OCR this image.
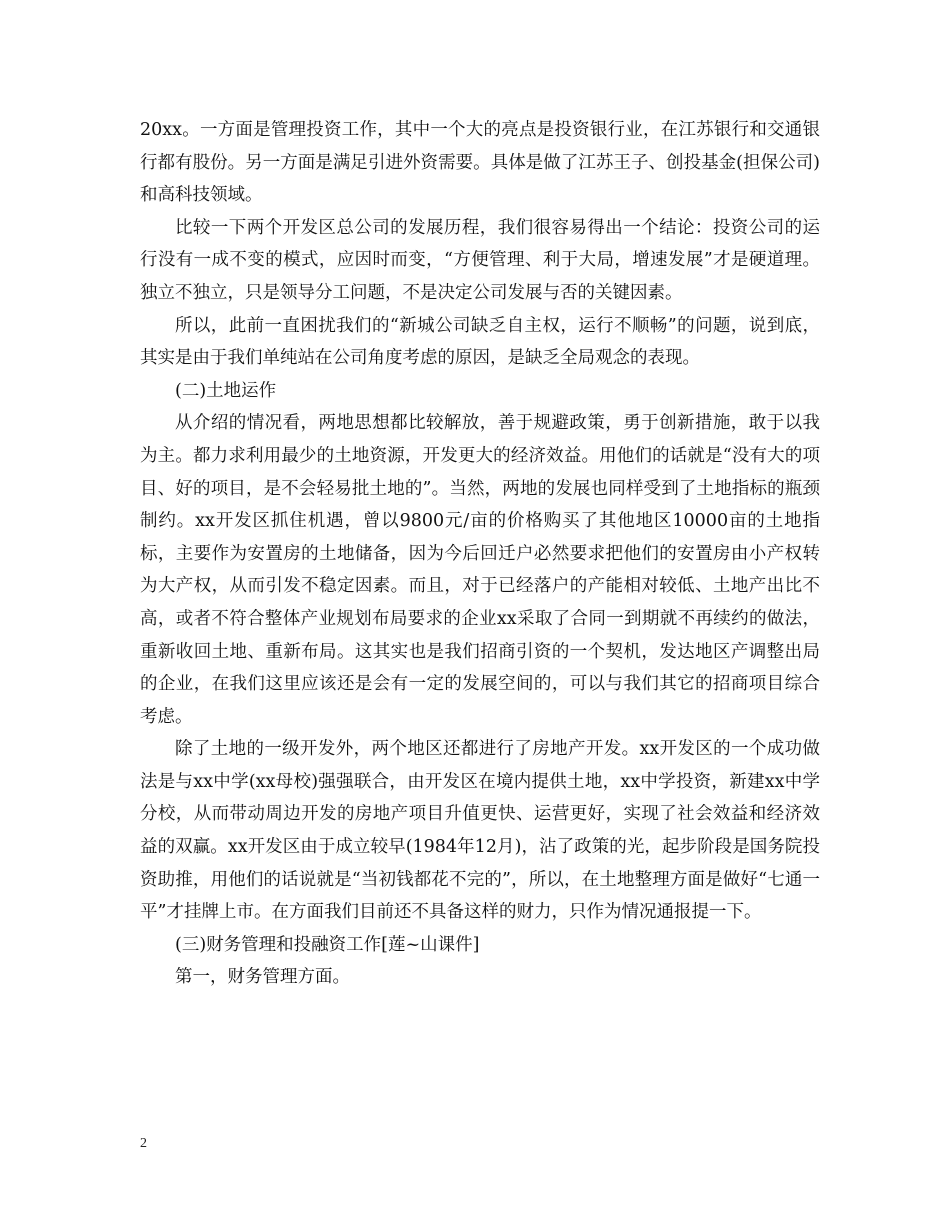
20xx。一方面是管理投资工作，其中一个大的亮点是投资银行业，在江苏银行和交通银行都有股份。另一方面是满足引进外资需要。具体是做了江苏王子、创投基金(担保公司)和高科技领域。

比较一下两个开发区总公司的发展历程，我们很容易得出一个结论：投资公司的运行没有一成不变的模式，应因时而变，“方便管理、利于大局，增速发展”才是硬道理。独立不独立，只是领导分工问题，不是决定公司发展与否的关键因素。

所以，此前一直困扰我们的“新城公司缺乏自主权，运行不顺畅”的问题，说到底，其实是由于我们单纯站在公司角度考虑的原因，是缺乏全局观念的表现。

(二)土地运作

从介绍的情况看，两地思想都比较解放，善于规避政策，勇于创新措施，敢于以我为主。都力求利用最少的土地资源，开发更大的经济效益。用他们的话就是“没有大的项目、好的项目，是不会轻易批土地的”。当然，两地的发展也同样受到了土地指标的瓶颈制约。xx开发区抓住机遇，曾以9800元/亩的价格购买了其他地区10000亩的土地指标，主要作为安置房的土地储备，因为今后回迁户必然要求把他们的安置房由小产权转为大产权，从而引发不稳定因素。而且，对于已经落户的产能相对较低、土地产出比不高，或者不符合整体产业规划布局要求的企业xx采取了合同一到期就不再续约的做法，重新收回土地、重新布局。这其实也是我们招商引资的一个契机，发达地区产调整出局的企业，在我们这里应该还是会有一定的发展空间的，可以与我们其它的招商项目综合考虑。

除了土地的一级开发外，两个地区还都进行了房地产开发。xx开发区的一个成功做法是与xx中学(xx母校)强强联合，由开发区在境内提供土地，xx中学投资，新建xx中学分校，从而带动周边开发的房地产项目升值更快、运营更好，实现了社会效益和经济效益的双赢。xx开发区由于成立较早(1984年12月)，沾了政策的光，起步阶段是国务院投资助推，用他们的话说就是“当初钱都花不完的”，所以，在土地整理方面是做好“七通一平”才挂牌上市。在方面我们目前还不具备这样的财力，只作为情况通报提一下。

(三)财务管理和投融资工作[莲~山课件]

第一，财务管理方面。

2
